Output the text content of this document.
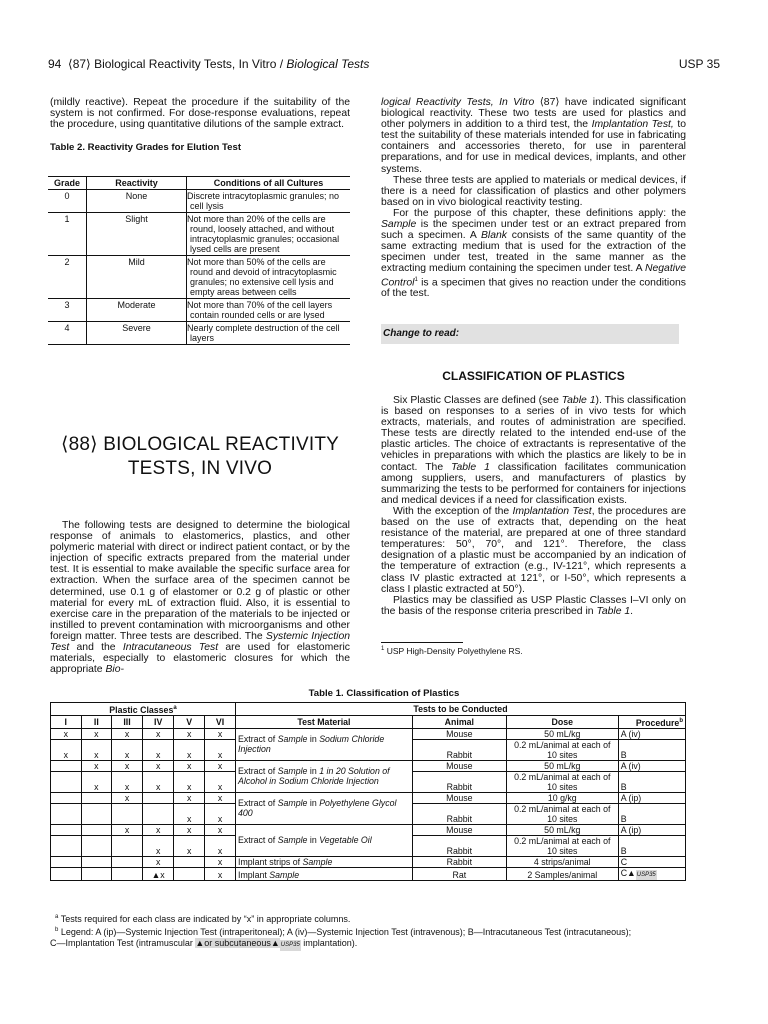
94 ⟨87⟩ Biological Reactivity Tests, In Vitro / Biological Tests	USP 35

(mildly reactive). Repeat the procedure if the suitability of the system is not confirmed. For dose-response evaluations, repeat the procedure, using quantitative dilutions of the sample extract.

Table 2. Reactivity Grades for Elution Test

Grade	Reactivity	Conditions of all Cultures
0	None	Discrete intracytoplasmic granules; no cell lysis
1	Slight	Not more than 20% of the cells are round, loosely attached, and without intracytoplasmic granules; occasional lysed cells are present
2	Mild	Not more than 50% of the cells are round and devoid of intracytoplasmic granules; no extensive cell lysis and empty areas between cells
3	Moderate	Not more than 70% of the cell layers contain rounded cells or are lysed
4	Severe	Nearly complete destruction of the cell layers
⟨88⟩ BIOLOGICAL REACTIVITY
TESTS, IN VIVO

The following tests are designed to determine the biological response of animals to elastomerics, plastics, and other polymeric material with direct or indirect patient contact, or by the injection of specific extracts prepared from the material under test. It is essential to make available the specific surface area for extraction. When the surface area of the specimen cannot be determined, use 0.1 g of elastomer or 0.2 g of plastic or other material for every mL of extraction fluid. Also, it is essential to exercise care in the preparation of the materials to be injected or instilled to prevent contamination with microorganisms and other foreign matter. Three tests are described. The Systemic Injection Test and the Intracutaneous Test are used for elastomeric materials, especially to elastomeric closures for which the appropriate Bio-

logical Reactivity Tests, In Vitro ⟨87⟩ have indicated significant biological reactivity. These two tests are used for plastics and other polymers in addition to a third test, the Implantation Test, to test the suitability of these materials intended for use in fabricating containers and accessories thereto, for use in parenteral preparations, and for use in medical devices, implants, and other systems.

These three tests are applied to materials or medical devices, if there is a need for classification of plastics and other polymers based on in vivo biological reactivity testing.

For the purpose of this chapter, these definitions apply: the Sample is the specimen under test or an extract prepared from such a specimen. A Blank consists of the same quantity of the same extracting medium that is used for the extraction of the specimen under test, treated in the same manner as the extracting medium containing the specimen under test. A Negative Control$^1$ is a specimen that gives no reaction under the conditions of the test.

Change to read:
CLASSIFICATION OF PLASTICS

Six Plastic Classes are defined (see Table 1). This classification is based on responses to a series of in vivo tests for which extracts, materials, and routes of administration are specified. These tests are directly related to the intended end-use of the plastic articles. The choice of extractants is representative of the vehicles in preparations with which the plastics are likely to be in contact. The Table 1 classification facilitates communication among suppliers, users, and manufacturers of plastics by summarizing the tests to be performed for containers for injections and medical devices if a need for classification exists.

With the exception of the Implantation Test, the procedures are based on the use of extracts that, depending on the heat resistance of the material, are prepared at one of three standard temperatures: 50°, 70°, and 121°. Therefore, the class designation of a plastic must be accompanied by an indication of the temperature of extraction (e.g., IV-121°, which represents a class IV plastic extracted at 121°, or I-50°, which represents a class I plastic extracted at 50°).

Plastics may be classified as USP Plastic Classes I–VI only on the basis of the response criteria prescribed in Table 1.

$^1$ USP High-Density Polyethylene RS.
Table 1. Classification of Plastics
Plastic Classes$^a$						Tests to be Conducted			
I	II	III	IV	V	VI	Test Material	Animal	Dose	Procedure$^b$
x	x	x	x	x	x	Extract of Sample in Sodium Chloride Injection	Mouse	50 mL/kg	A (iv)
x	x	x	x	x	x		Rabbit	0.2 mL/animal at each of 10 sites	B
	x	x	x	x	x	Extract of Sample in 1 in 20 Solution of Alcohol in Sodium Chloride Injection	Mouse	50 mL/kg	A (iv)
	x	x	x	x	x		Rabbit	0.2 mL/animal at each of 10 sites	B
		x		x	x	Extract of Sample in Polyethylene Glycol 400	Mouse	10 g/kg	A (ip)
				x	x		Rabbit	0.2 mL/animal at each of 10 sites	B
		x	x	x	x	Extract of Sample in Vegetable Oil	Mouse	50 mL/kg	A (ip)
			x	x	x		Rabbit	0.2 mL/animal at each of 10 sites	B
			x		x	Implant strips of Sample	Rabbit	4 strips/animal	C
			▲x		x	Implant Sample	Rat	2 Samples/animal	C▲USP35

$^a$ Tests required for each class are indicated by “x” in appropriate columns.

$^b$ Legend: A (ip)—Systemic Injection Test (intraperitoneal); A (iv)—Systemic Injection Test (intravenous); B—Intracutaneous Test (intracutaneous);

C—Implantation Test (intramuscular ▲or subcutaneous▲USP35 implantation).
